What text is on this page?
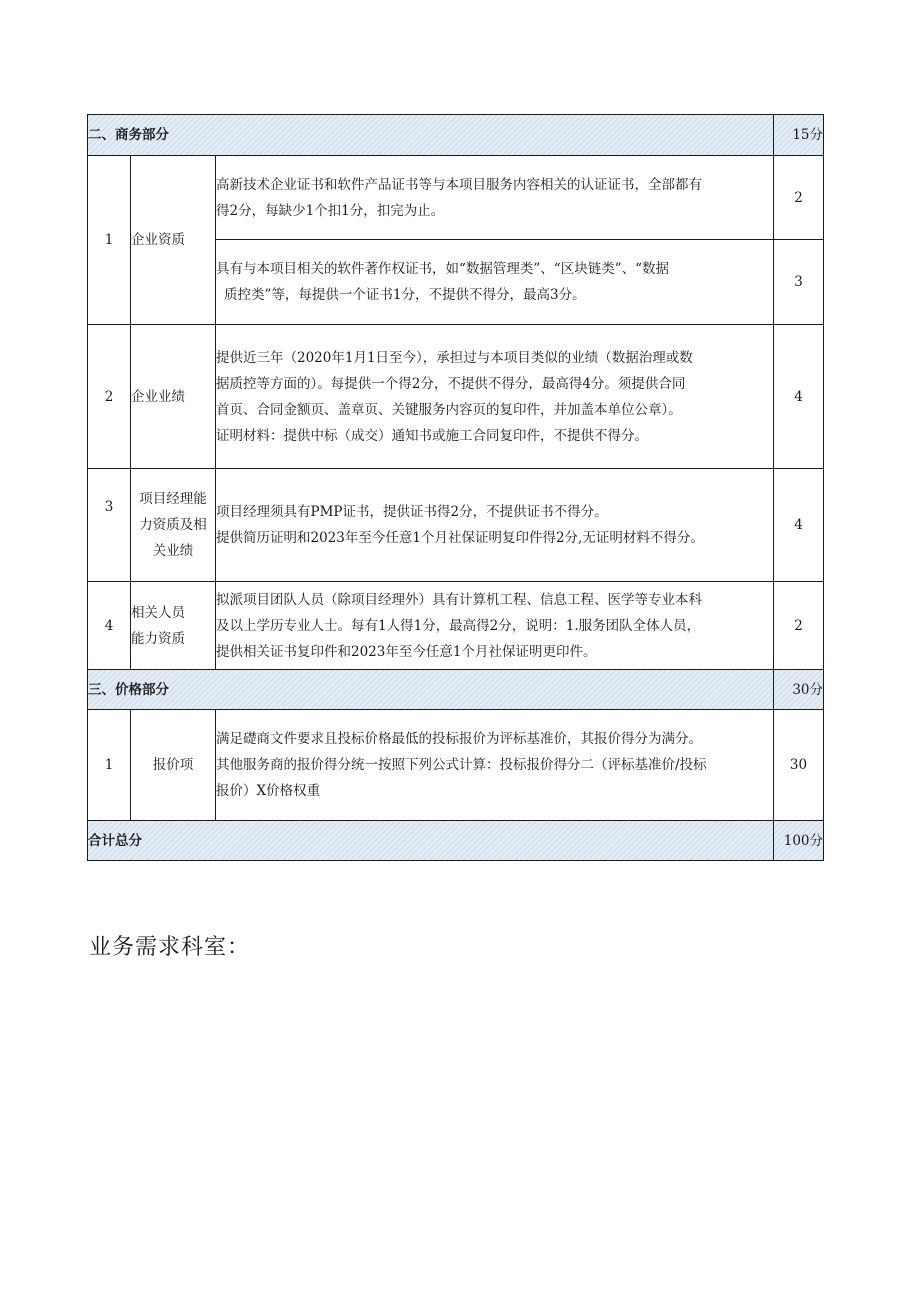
二、商务部分			15分
1	企业资质	高新技术企业证书和软件产品证书等与本项目服务内容相关的认证证书，全部都有
得2分，每缺少1个扣1分，扣完为止。	2

		具有与本项目相关的软件著作权证书，如“数据管理类”、“区块链类”、“数据
质控类”等，每提供一个证书1分，不提供不得分，最高3分。	3
2	企业业绩	提供近三年（2020年1月1日至今），承担过与本项目类似的业绩（数据治理或数
据质控等方面的）。每提供一个得2分，不提供不得分，最高得4分。须提供合同
首页、合同金额页、盖章页、关键服务内容页的复印件，并加盖本单位公章）。
证明材料：提供中标（成交）通知书或施工合同复印件，不提供不得分。	4

3	项目经理能
力资质及相
关业绩	项目经理须具有PMP证书，提供证书得2分，不提供证书不得分。
提供简历证明和2023年至今任意1个月社保证明复印件得2分,无证明材料不得分。	4
4	相关人员
能力资质	拟派项目团队人员（除项目经理外）具有计算机工程、信息工程、医学等专业本科
及以上学历专业人士。每有1人得1分，最高得2分，说明：1.服务团队全体人员，
提供相关证书复印件和2023年至今任意1个月社保证明更印件。	2
三、价格部分			30分
1	报价项	满足礎商文件要求且投标价格最低的投标报价为评标基准价，其报价得分为满分。
其他服务商的报价得分统一按照下列公式计算：投标报价得分二（评标基准价/投标
报价）X价格权重	30
合计总分			100分
业务需求科室：
